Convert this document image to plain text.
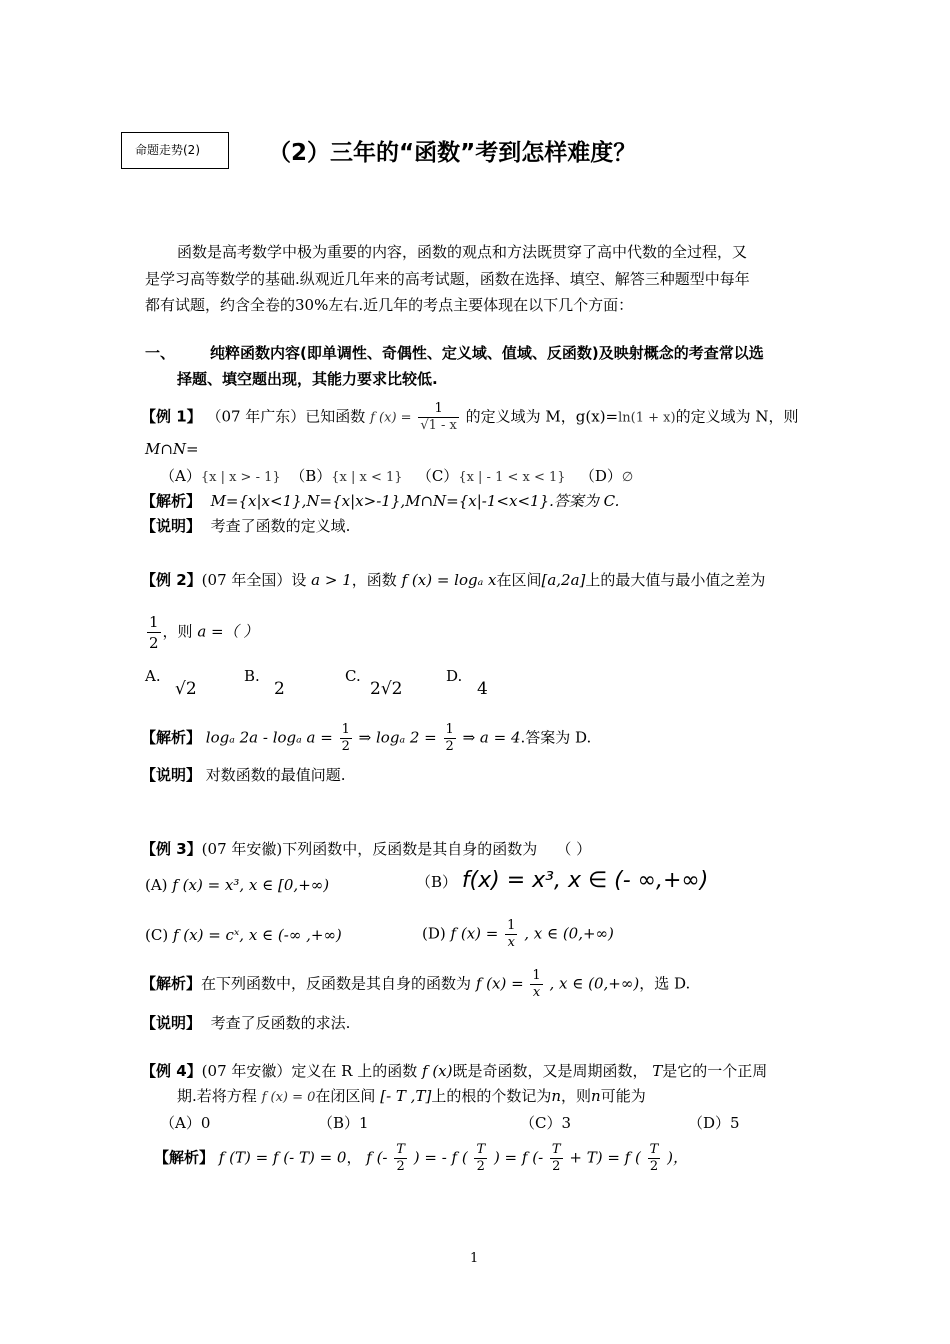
命题走势(2)	（2）三年的“函数”考到怎样难度？
函数是高考数学中极为重要的内容，函数的观点和方法既贯穿了高中代数的全过程，又
是学习高等数学的基础.纵观近几年来的高考试题，函数在选择、填空、解答三种题型中每年
都有试题，约含全卷的30%左右.近几年的考点主要体现在以下几个方面：
一、 纯粹函数内容(即单调性、奇偶性、定义域、值域、反函数)及映射概念的考查常以选
择题、填空题出现，其能力要求比较低.
【例 1】 （07 年广东）已知函数 f $(x) = \frac{1}{√1 - x}$ 的定义域为 M，g(x)=ln(1 + x)的定义域为 N，则
M∩N=
（A）{x | x > - 1} （B）{x | x < 1} （C）{x | - 1 < x < 1} （D）∅
【解析】 M={x|x<1},N={x|x>-1},M∩N={x|-1<x<1}.答案为 C.
【说明】 考查了函数的定义域.
【例 2】(07 年全国）设 a > 1，函数 f (x) = logₐ x在区间[a,2a]上的最大值与最小值之差为
$\frac{1}{2}$ ，则 a =（ ）
A.
√2
B.
2
C.
2√2
D.
4
【解析】 logₐ 2a - logₐ $a = \frac{1}{2}$ ⇒ logₐ $2 = \frac{1}{2}$ ⇒ a = 4.答案为 D.
【说明】 对数函数的最值问题.
【例 3】(07 年安徽)下列函数中，反函数是其自身的函数为 （ ）
(A) f (x) = x³, x ∈ [0,+∞)	（B） f(x) = x³, x ∈ (- ∞,+∞)
(C) f (x) = cˣ, x ∈ (-∞ ,+∞)	(D) f $(x) = \frac{1}{x}$ , x ∈ (0,+∞)
【解析】在下列函数中，反函数是其自身的函数为 f $(x) = \frac{1}{x}$ , x ∈ (0,+∞)，选 D.
【说明】 考查了反函数的求法.
【例 4】(07 年安徽）定义在 R 上的函数 f (x)既是奇函数，又是周期函数， T是它的一个正周
期.若将方程 f (x) = 0在闭区间 [- T ,T]上的根的个数记为n，则n可能为
（A）0	（B）1	（C）3	（D）5
【解析】 f (T) = f (- T) = 0， f (- $\frac{T}{2}$ ) = - f ( $\frac{T}{2}$ ) = f (- $\frac{T}{2} + T) = f$ ( $\frac{T}{2}$ )，
1
